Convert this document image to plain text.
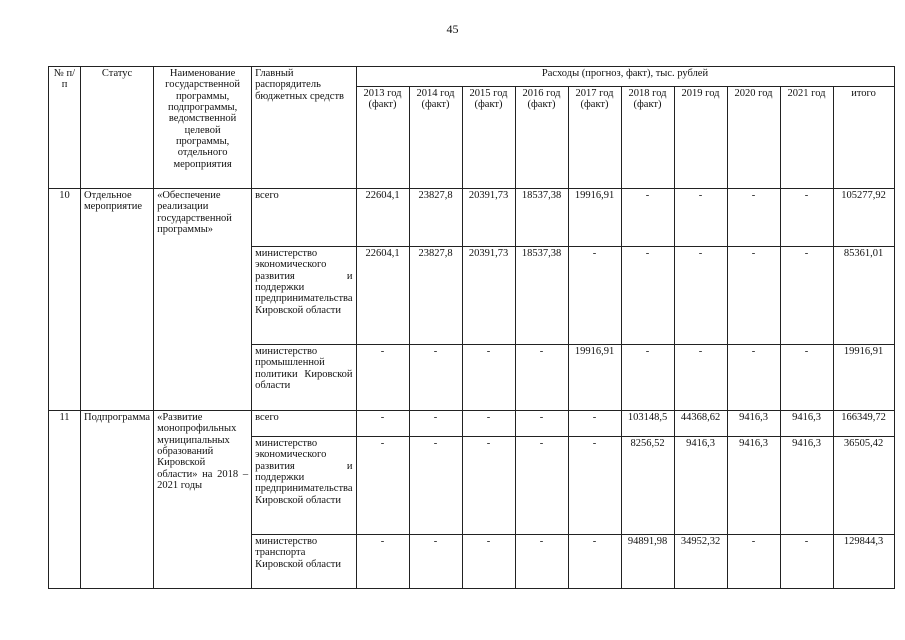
45
№ п/п	Статус	Наименование государственной программы, подпрограммы, ведомственной целевой программы, отдельного мероприятия	Главный распорядитель бюджетных средств	Расходы (прогноз, факт), тыс. рублей									
				2013 год (факт)	2014 год (факт)	2015 год (факт)	2016 год (факт)	2017 год (факт)	2018 год (факт)	2019 год	2020 год	2021 год	итого
10	Отдельное мероприятие	«Обеспечение реализации государственной программы»	всего	22604,1	23827,8	20391,73	18537,38	19916,91	-	-	-	-	105277,92
			министерство экономического развития и поддержки предпринимательства Кировской области	22604,1	23827,8	20391,73	18537,38	-	-	-	-	-	85361,01
			министерство промышленной политики Кировской области	-	-	-	-	19916,91	-	-	-	-	19916,91
11	Подпрограмма	«Развитие монопрофильных муниципальных образований Кировской области» на 2018 – 2021 годы	всего	-	-	-	-	-	103148,5	44368,62	9416,3	9416,3	166349,72
			министерство экономического развития и поддержки предпринимательства Кировской области	-	-	-	-	-	8256,52	9416,3	9416,3	9416,3	36505,42
			министерство транспорта Кировской области	-	-	-	-	-	94891,98	34952,32	-	-	129844,3
